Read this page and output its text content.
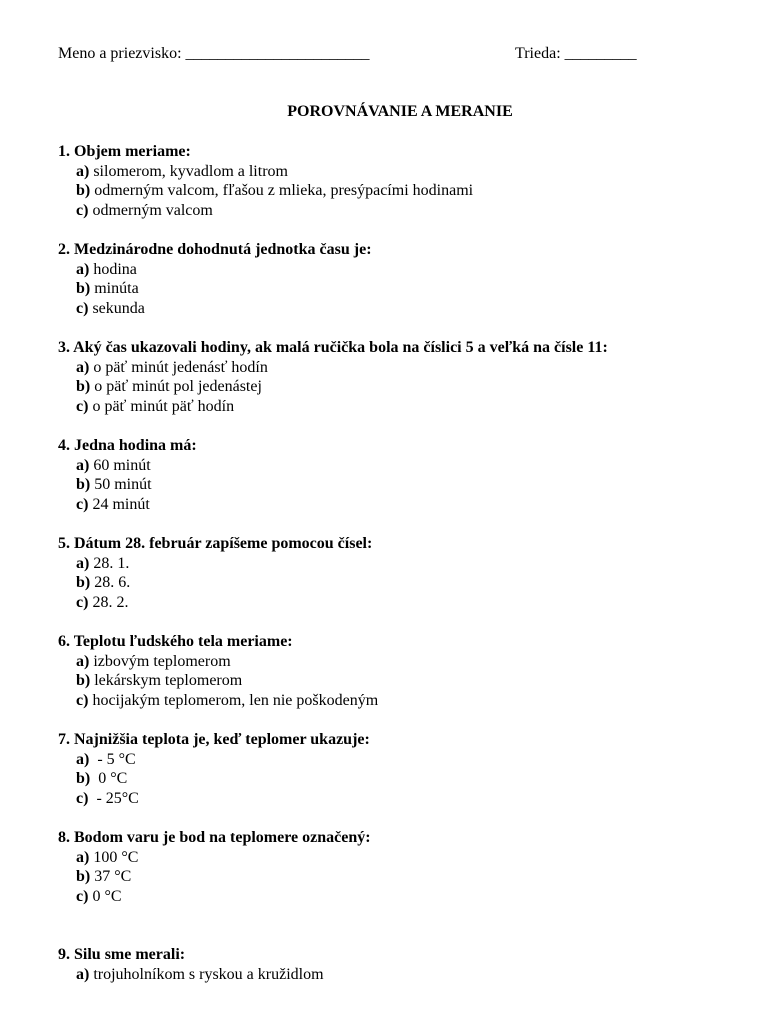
Meno a priezvisko: _______________________	Trieda: _________
POROVNÁVANIE A MERANIE
1. Objem meriame:
a) silomerom, kyvadlom a litrom
b) odmerným valcom, fľašou z mlieka, presýpacími hodinami
c) odmerným valcom
2. Medzinárodne dohodnutá jednotka času je:
a) hodina
b) minúta
c) sekunda
3. Aký čas ukazovali hodiny, ak malá ručička bola na číslici 5 a veľká na čísle 11:
a) o päť minút jedenásť hodín
b) o päť minút pol jedenástej
c) o päť minút päť hodín
4. Jedna hodina má:
a) 60 minút
b) 50 minút
c) 24 minút
5. Dátum 28. február zapíšeme pomocou čísel:
a) 28. 1.
b) 28. 6.
c) 28. 2.
6. Teplotu ľudského tela meriame:
a) izbovým teplomerom
b) lekárskym teplomerom
c) hocijakým teplomerom, len nie poškodeným
7. Najnižšia teplota je, keď teplomer ukazuje:
a)  - 5 °C
b)  0 °C
c)  - 25°C
8. Bodom varu je bod na teplomere označený:
a) 100 °C
b) 37 °C
c) 0 °C
9. Silu sme merali:
a) trojuholníkom s ryskou a kružidlom
